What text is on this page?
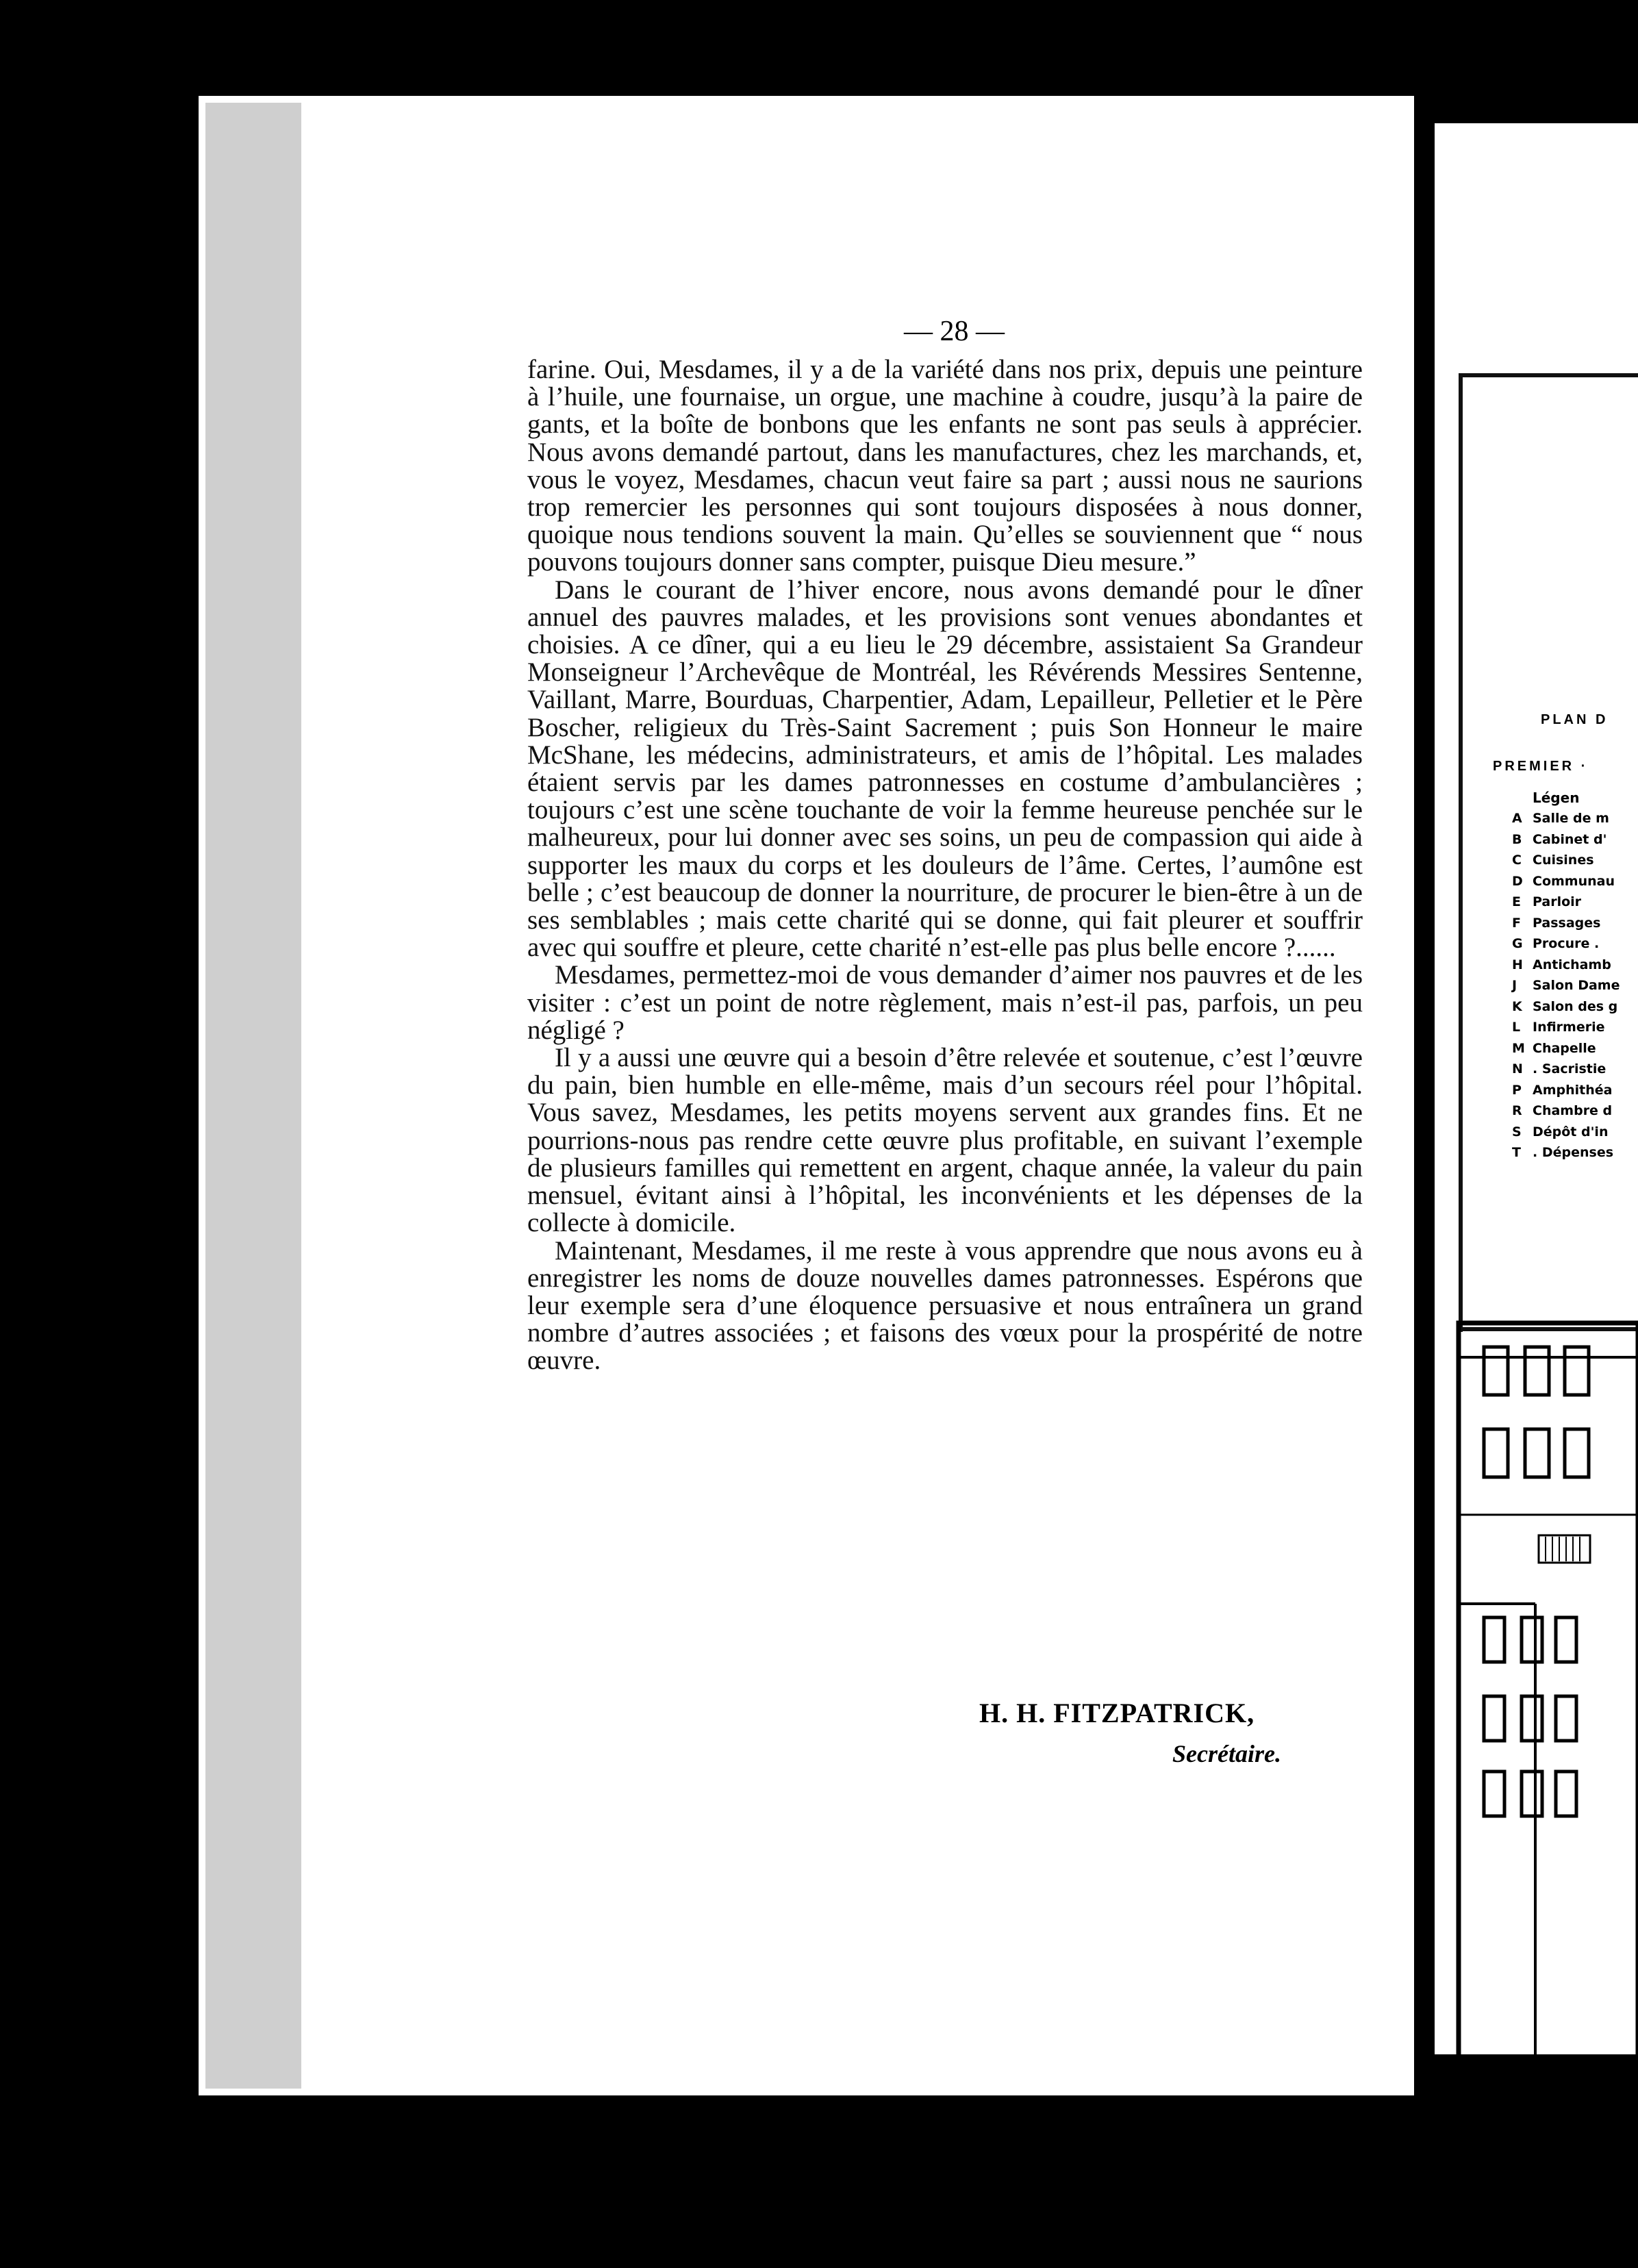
— 28 —

farine. Oui, Mesdames, il y a de la variété dans nos prix, depuis une peinture à l’huile, une fournaise, un orgue, une machine à coudre, jusqu’à la paire de gants, et la boîte de bonbons que les enfants ne sont pas seuls à apprécier. Nous avons demandé partout, dans les manufactures, chez les marchands, et, vous le voyez, Mesdames, chacun veut faire sa part ; aussi nous ne saurions trop remercier les personnes qui sont toujours disposées à nous donner, quoique nous tendions souvent la main. Qu’elles se souviennent que “ nous pouvons toujours donner sans compter, puisque Dieu mesure.”

Dans le courant de l’hiver encore, nous avons demandé pour le dîner annuel des pauvres malades, et les provisions sont venues abondantes et choisies. A ce dîner, qui a eu lieu le 29 décembre, assistaient Sa Grandeur Monseigneur l’Archevêque de Montréal, les Révérends Messires Sentenne, Vaillant, Marre, Bourduas, Charpentier, Adam, Lepailleur, Pelletier et le Père Boscher, religieux du Très-Saint Sacrement ; puis Son Honneur le maire McShane, les médecins, administrateurs, et amis de l’hôpital. Les malades étaient servis par les dames patronnesses en costume d’ambulancières ; toujours c’est une scène touchante de voir la femme heureuse penchée sur le malheureux, pour lui donner avec ses soins, un peu de compassion qui aide à supporter les maux du corps et les douleurs de l’âme. Certes, l’aumône est belle ; c’est beaucoup de donner la nourriture, de procurer le bien-être à un de ses semblables ; mais cette charité qui se donne, qui fait pleurer et souffrir avec qui souffre et pleure, cette charité n’est-elle pas plus belle encore ?......

Mesdames, permettez-moi de vous demander d’aimer nos pauvres et de les visiter : c’est un point de notre règlement, mais n’est-il pas, parfois, un peu négligé ?

Il y a aussi une œuvre qui a besoin d’être relevée et soutenue, c’est l’œuvre du pain, bien humble en elle-même, mais d’un secours réel pour l’hôpital. Vous savez, Mesdames, les petits moyens servent aux grandes fins. Et ne pourrions-nous pas rendre cette œuvre plus profitable, en suivant l’exemple de plusieurs familles qui remettent en argent, chaque année, la valeur du pain mensuel, évitant ainsi à l’hôpital, les inconvénients et les dépenses de la collecte à domicile.

Maintenant, Mesdames, il me reste à vous apprendre que nous avons eu à enregistrer les noms de douze nouvelles dames patronnesses. Espérons que leur exemple sera d’une éloquence persuasive et nous entraînera un grand nombre d’autres associées ; et faisons des vœux pour la prospérité de notre œuvre.

H. H. FITZPATRICK,
Secrétaire.
PLAN D
PREMIER ·
Légen
A Salle de m
B Cabinet d'
C Cuisines
D Communau
E Parloir
F Passages
G Procure .
H Antichamb
J Salon Dame
K Salon des g
L Infirmerie
M Chapelle
N . Sacristie
P Amphithéa
R Chambre d
S Dépôt d'in
T . Dépenses
